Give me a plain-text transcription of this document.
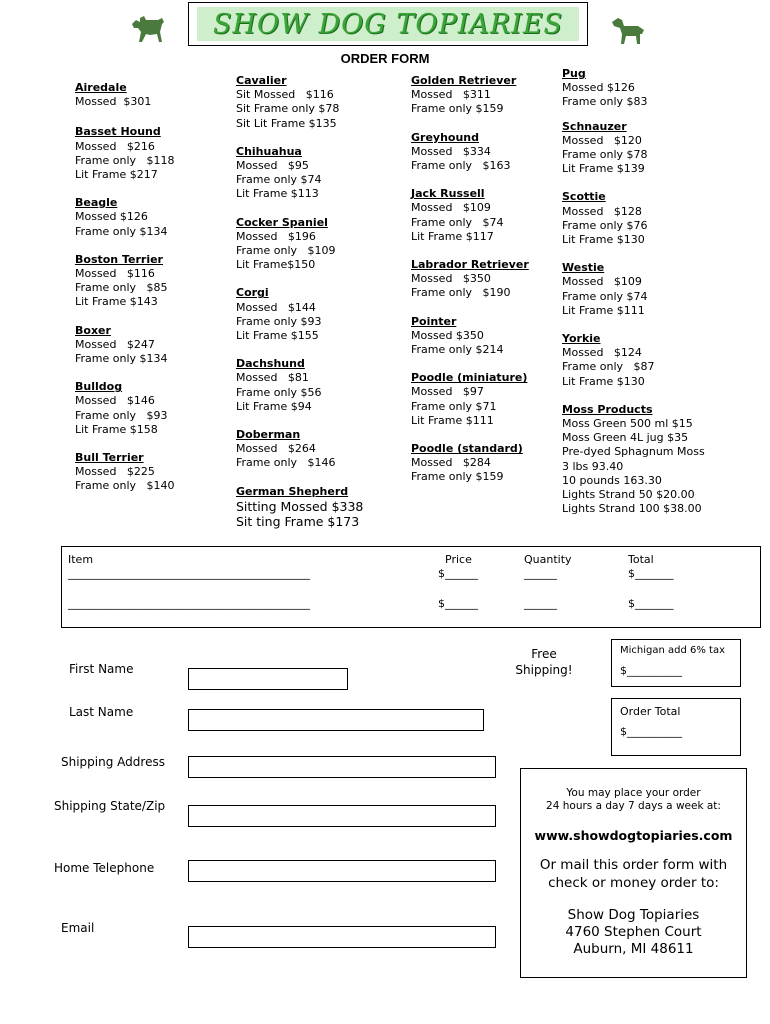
SHOW DOG TOPIARIES
ORDER FORM
Airedale
Mossed  $301
Basset Hound
Mossed   $216
Frame only   $118
Lit Frame $217
Beagle
Mossed $126
Frame only $134
Boston Terrier
Mossed   $116
Frame only   $85
Lit Frame $143
Boxer
Mossed   $247
Frame only $134
Bulldog
Mossed   $146
Frame only   $93
Lit Frame $158
Bull Terrier
Mossed   $225
Frame only   $140
Cavalier
Sit Mossed   $116
Sit Frame only $78
Sit Lit Frame $135
Chihuahua
Mossed   $95
Frame only $74
Lit Frame $113
Cocker Spaniel
Mossed   $196
Frame only   $109
Lit Frame$150
Corgi
Mossed   $144
Frame only $93
Lit Frame $155
Dachshund
Mossed   $81
Frame only $56
Lit Frame $94
Doberman
Mossed   $264
Frame only   $146
German Shepherd
Sitting Mossed $338
Sit ting Frame $173
Golden Retriever
Mossed   $311
Frame only $159
Greyhound
Mossed   $334
Frame only   $163
Jack Russell
Mossed   $109
Frame only   $74
Lit Frame $117
Labrador Retriever
Mossed   $350
Frame only   $190
Pointer
Mossed $350
Frame only $214
Poodle (miniature)
Mossed   $97
Frame only $71
Lit Frame $111
Poodle (standard)
Mossed   $284
Frame only $159
Pug
Mossed $126
Frame only $83
Schnauzer
Mossed   $120
Frame only $78
Lit Frame $139
Scottie
Mossed   $128
Frame only $76
Lit Frame $130
Westie
Mossed   $109
Frame only $74
Lit Frame $111
Yorkie
Mossed   $124
Frame only   $87
Lit Frame $130
Moss Products
Moss Green 500 ml $15
Moss Green 4L jug $35
Pre-dyed Sphagnum Moss
3 lbs 93.40
10 pounds 163.30
Lights Strand 50 $20.00
Lights Strand 100 $38.00
Item	Price	Quantity	Total
____________________________________________	$______	______	$_______
____________________________________________	$______	______	$_______
First Name
Last Name
Shipping Address
Shipping State/Zip
Home Telephone
Email
Free
Shipping!
Michigan add 6% tax
$__________
Order Total
$__________
You may place your order
24 hours a day 7 days a week at:
www.showdogtopiaries.com
Or mail this order form with
check or money order to:
Show Dog Topiaries
4760 Stephen Court
Auburn, MI 48611
